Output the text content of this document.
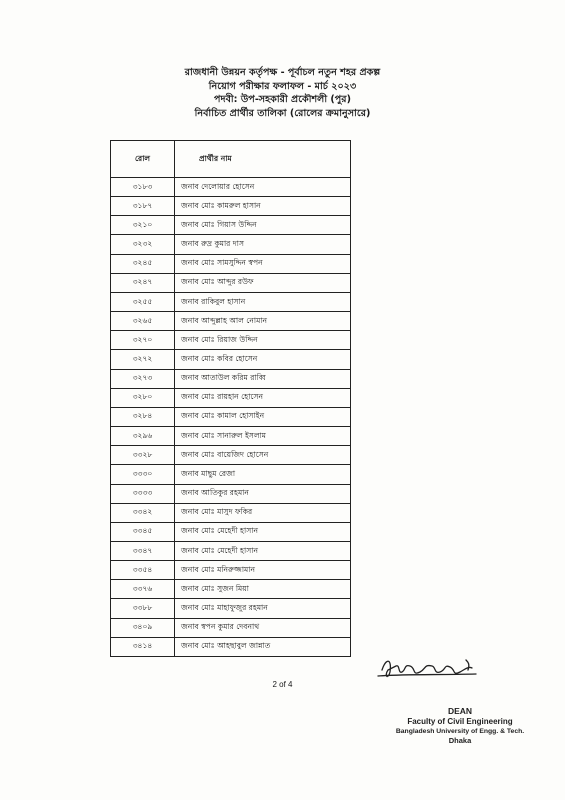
রাজধানী উন্নয়ন কর্তৃপক্ষ - পূর্বাচল নতুন শহর প্রকল্প
নিয়োগ পরীক্ষার ফলাফল - মার্চ ২০২৩
পদবী: উপ-সহকারী প্রকৌশলী (পুর)
নির্বাচিত প্রার্থীর তালিকা (রোলের ক্রমানুসারে)
রোল	প্রার্থীর নাম
৩১৮৩	জনাব দেলোয়ার হোসেন
৩১৮৭	জনাব মোঃ কামরুল হাসান
৩২১০	জনাব মোঃ গিয়াস উদ্দিন
৩২৩২	জনাব রুদ্র কুমার দাস
৩২৪৫	জনাব মোঃ সামসুদ্দিন স্বপন
৩২৪৭	জনাব মোঃ আব্দুর রউফ
৩২৫৫	জনাব রাকিবুল হাসান
৩২৬৫	জনাব আব্দুল্লাহ আল নোমান
৩২৭০	জনাব মোঃ রিয়াজ উদ্দিন
৩২৭২	জনাব মোঃ কবির হোসেন
৩২৭৩	জনাব আতাউল করিম রাব্বি
৩২৮০	জনাব মোঃ রায়হান হোসেন
৩২৮৪	জনাব মোঃ কামাল হোসাইন
৩২৯৬	জনাব মোঃ সানারুল ইসলাম
৩৩২৮	জনাব মোঃ বায়েজিদ হোসেন
৩৩৩০	জনাব মাছুম রেজা
৩৩৩৩	জনাব আতিকুর রহমান
৩৩৪২	জনাব মোঃ মাসুদ ফকির
৩৩৪৫	জনাব মোঃ মেহেদী হাসান
৩৩৪৭	জনাব মোঃ মেহেদী হাসান
৩৩৫৪	জনাব মোঃ মনিরুজ্জামান
৩৩৭৬	জনাব মোঃ সুজন মিয়া
৩৩৮৮	জনাব মোঃ মাহাফুজুর রহমান
৩৪০৯	জনাব স্বপন কুমার দেবনাথ
৩৪১৪	জনাব মোঃ আহছাবুল জান্নাত
2 of 4
DEAN
Faculty of Civil Engineering
Bangladesh University of Engg. & Tech.
Dhaka
